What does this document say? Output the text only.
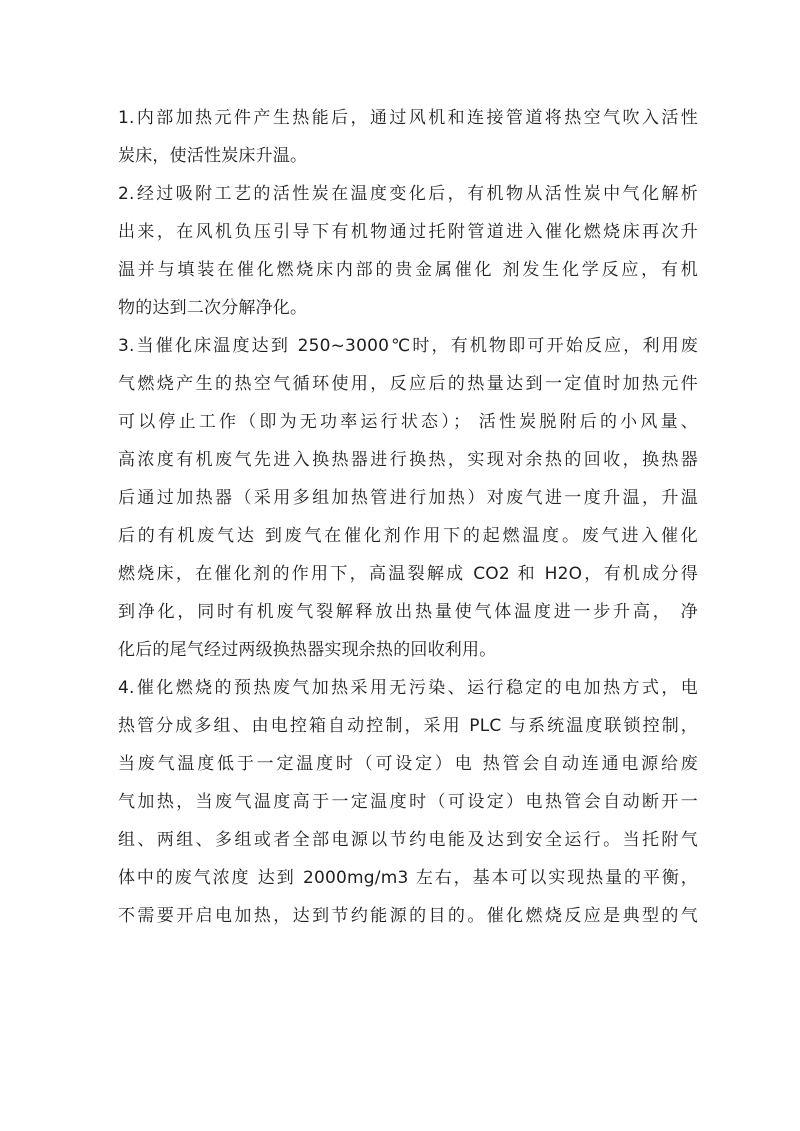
1.内部加热元件产生热能后，通过风机和连接管道将热空气吹入活性
炭床，使活性炭床升温。
2.经过吸附工艺的活性炭在温度变化后，有机物从活性炭中气化解析
出来，在风机负压引导下有机物通过托附管道进入催化燃烧床再次升
温并与填装在催化燃烧床内部的贵金属催化 剂发生化学反应，有机
物的达到二次分解净化。
3.当催化床温度达到 250~3000℃时，有机物即可开始反应，利用废
气燃烧产生的热空气循环使用，反应后的热量达到一定值时加热元件
可以停止工作（即为无功率运行状态）； 活性炭脱附后的小风量、
高浓度有机废气先进入换热器进行换热，实现对余热的回收，换热器
后通过加热器（采用多组加热管进行加热）对废气进一度升温，升温
后的有机废气达 到废气在催化剂作用下的起燃温度。废气进入催化
燃烧床，在催化剂的作用下，高温裂解成 CO2 和 H2O，有机成分得
到净化，同时有机废气裂解释放出热量使气体温度进一步升高， 净
化后的尾气经过两级换热器实现余热的回收利用。
4.催化燃烧的预热废气加热采用无污染、运行稳定的电加热方式，电
热管分成多组、由电控箱自动控制，采用 PLC 与系统温度联锁控制，
当废气温度低于一定温度时（可设定）电 热管会自动连通电源给废
气加热，当废气温度高于一定温度时（可设定）电热管会自动断开一
组、两组、多组或者全部电源以节约电能及达到安全运行。当托附气
体中的废气浓度 达到 2000mg/m3 左右，基本可以实现热量的平衡，
不需要开启电加热，达到节约能源的目的。催化燃烧反应是典型的气
